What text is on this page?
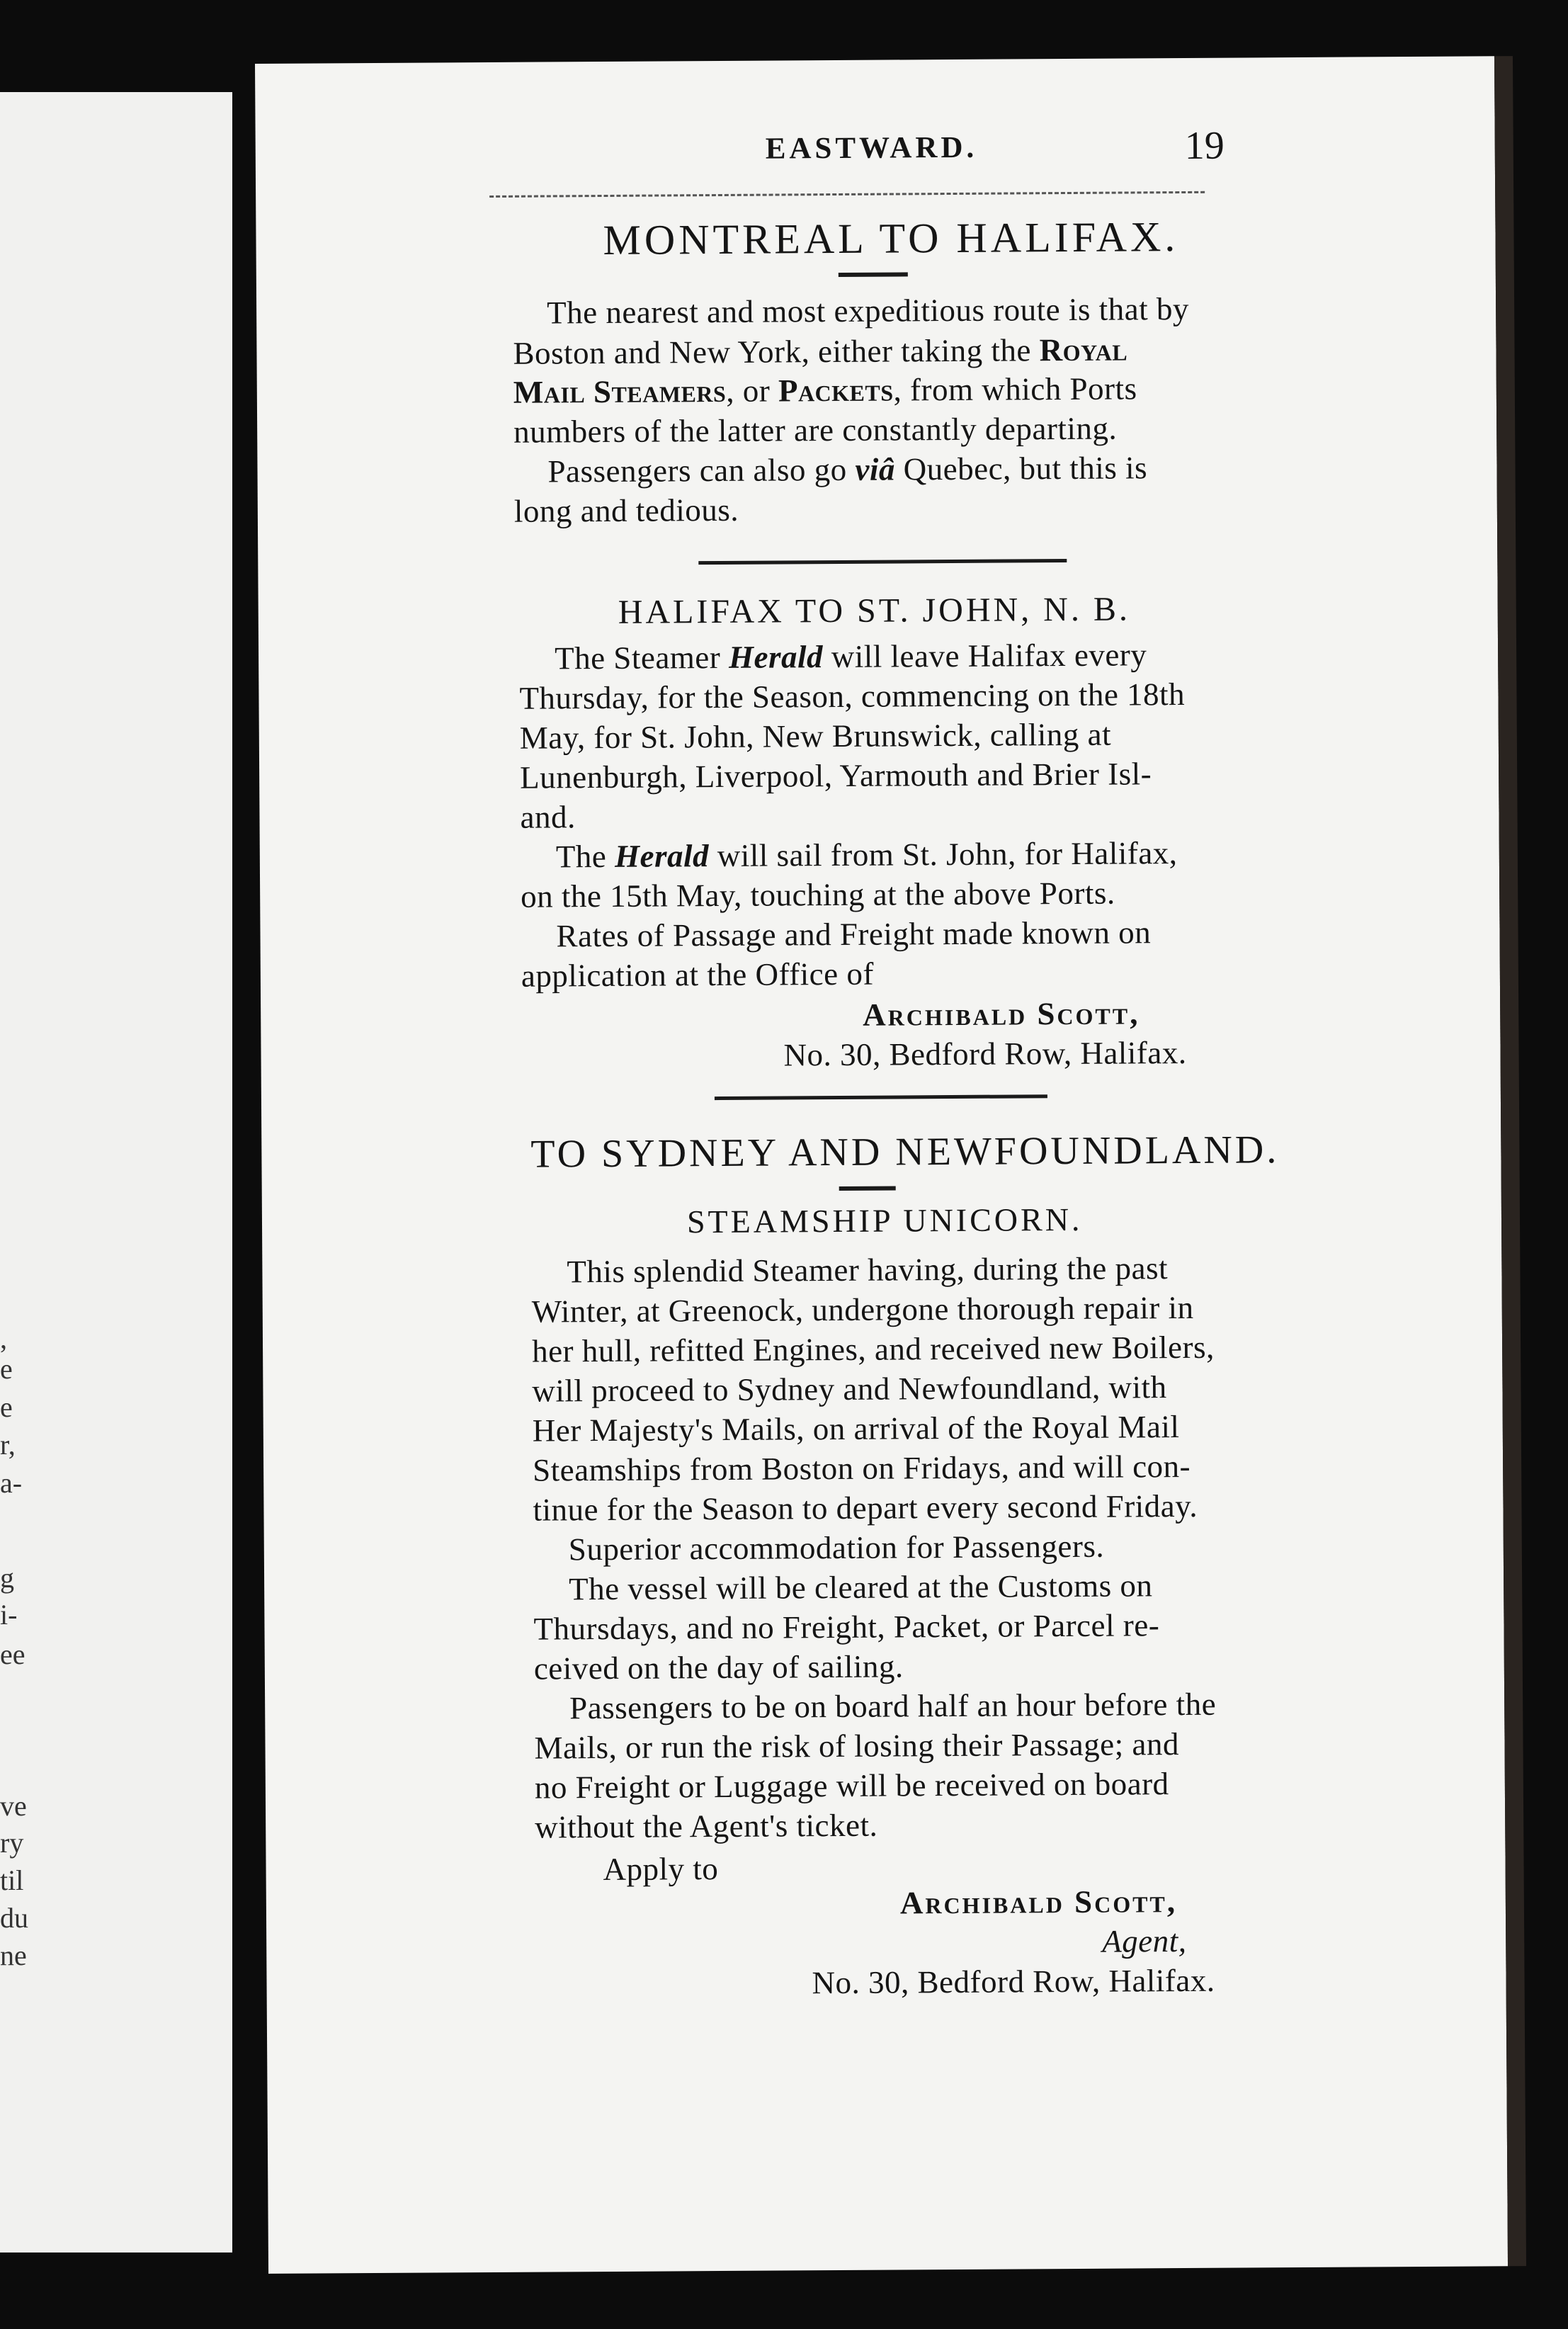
,
e
e
r,
a-
g
i-
ee
ve
ry
til
du
ne
EASTWARD.	19
MONTREAL TO HALIFAX.
The nearest and most expeditious route is that by
Boston and New York, either taking the Royal
Mail Steamers, or Packets, from which Ports
numbers of the latter are constantly departing.
Passengers can also go viâ Quebec, but this is
long and tedious.
HALIFAX TO ST. JOHN, N. B.
The Steamer Herald will leave Halifax every
Thursday, for the Season, commencing on the 18th
May, for St. John, New Brunswick, calling at
Lunenburgh, Liverpool, Yarmouth and Brier Isl-
and.
The Herald will sail from St. John, for Halifax,
on the 15th May, touching at the above Ports.
Rates of Passage and Freight made known on
application at the Office of
Archibald Scott,
No. 30, Bedford Row, Halifax.
TO SYDNEY AND NEWFOUNDLAND.
STEAMSHIP UNICORN.
This splendid Steamer having, during the past
Winter, at Greenock, undergone thorough repair in
her hull, refitted Engines, and received new Boilers,
will proceed to Sydney and Newfoundland, with
Her Majesty's Mails, on arrival of the Royal Mail
Steamships from Boston on Fridays, and will con-
tinue for the Season to depart every second Friday.
Superior accommodation for Passengers.
The vessel will be cleared at the Customs on
Thursdays, and no Freight, Packet, or Parcel re-
ceived on the day of sailing.
Passengers to be on board half an hour before the
Mails, or run the risk of losing their Passage; and
no Freight or Luggage will be received on board
without the Agent's ticket.
Apply to
Archibald Scott,
Agent,
No. 30, Bedford Row, Halifax.
